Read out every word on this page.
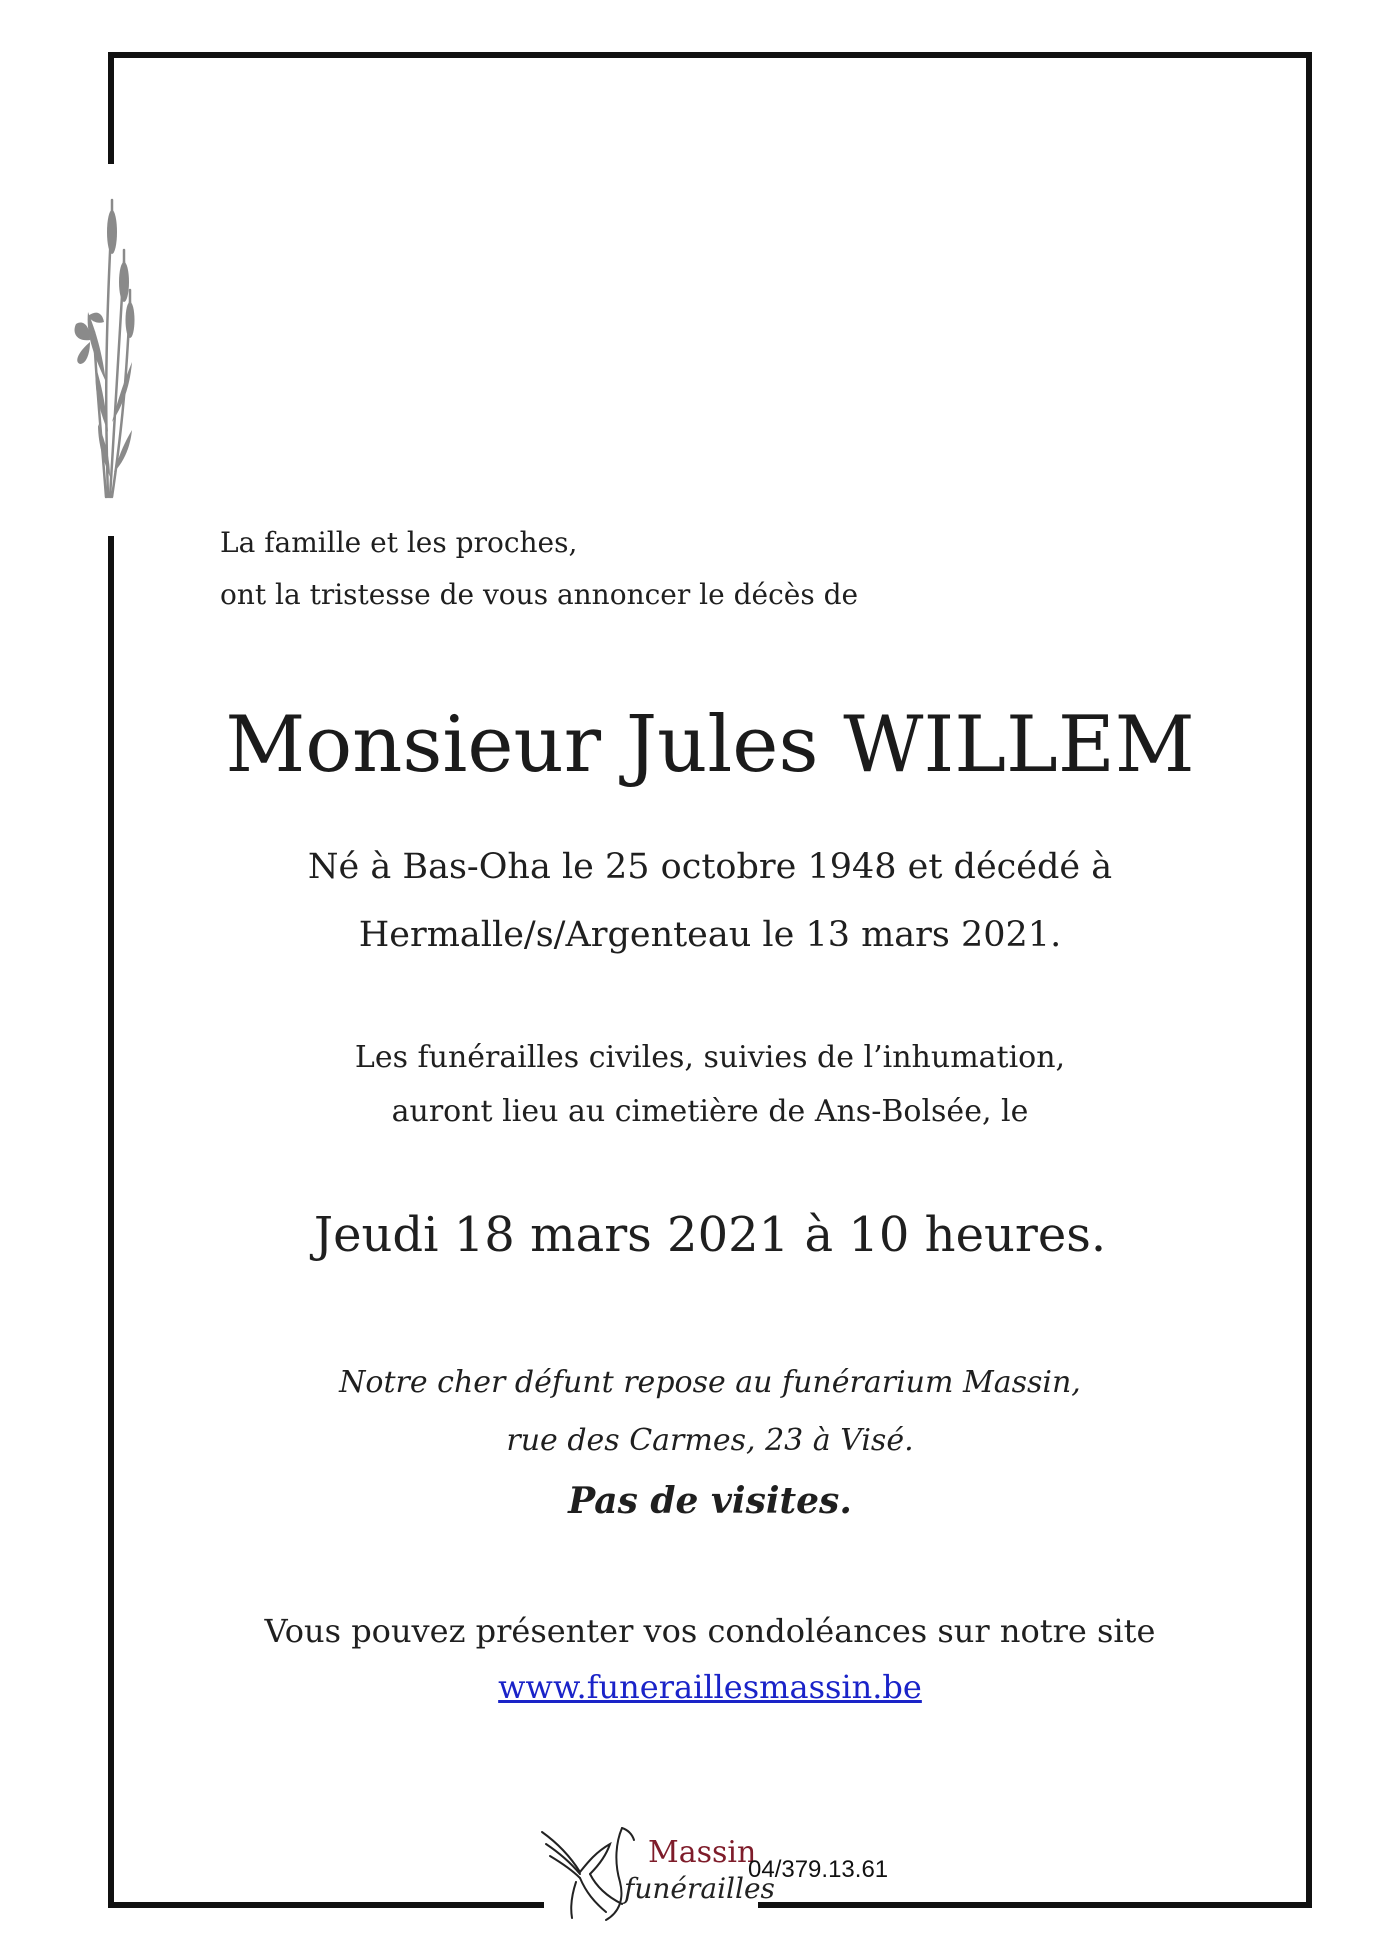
La famille et les proches,
ont la tristesse de vous annoncer le décès de
Monsieur Jules WILLEM
Né à Bas-Oha le 25 octobre 1948 et décédé à
Hermalle/s/Argenteau le 13 mars 2021.
Les funérailles civiles, suivies de l’inhumation,
auront lieu au cimetière de Ans-Bolsée, le
Jeudi 18 mars 2021 à 10 heures.
Notre cher défunt repose au funérarium Massin,
rue des Carmes, 23 à Visé.
Pas de visites.
Vous pouvez présenter vos condoléances sur notre site
www.funeraillesmassin.be
Massin
funérailles
04/379.13.61
